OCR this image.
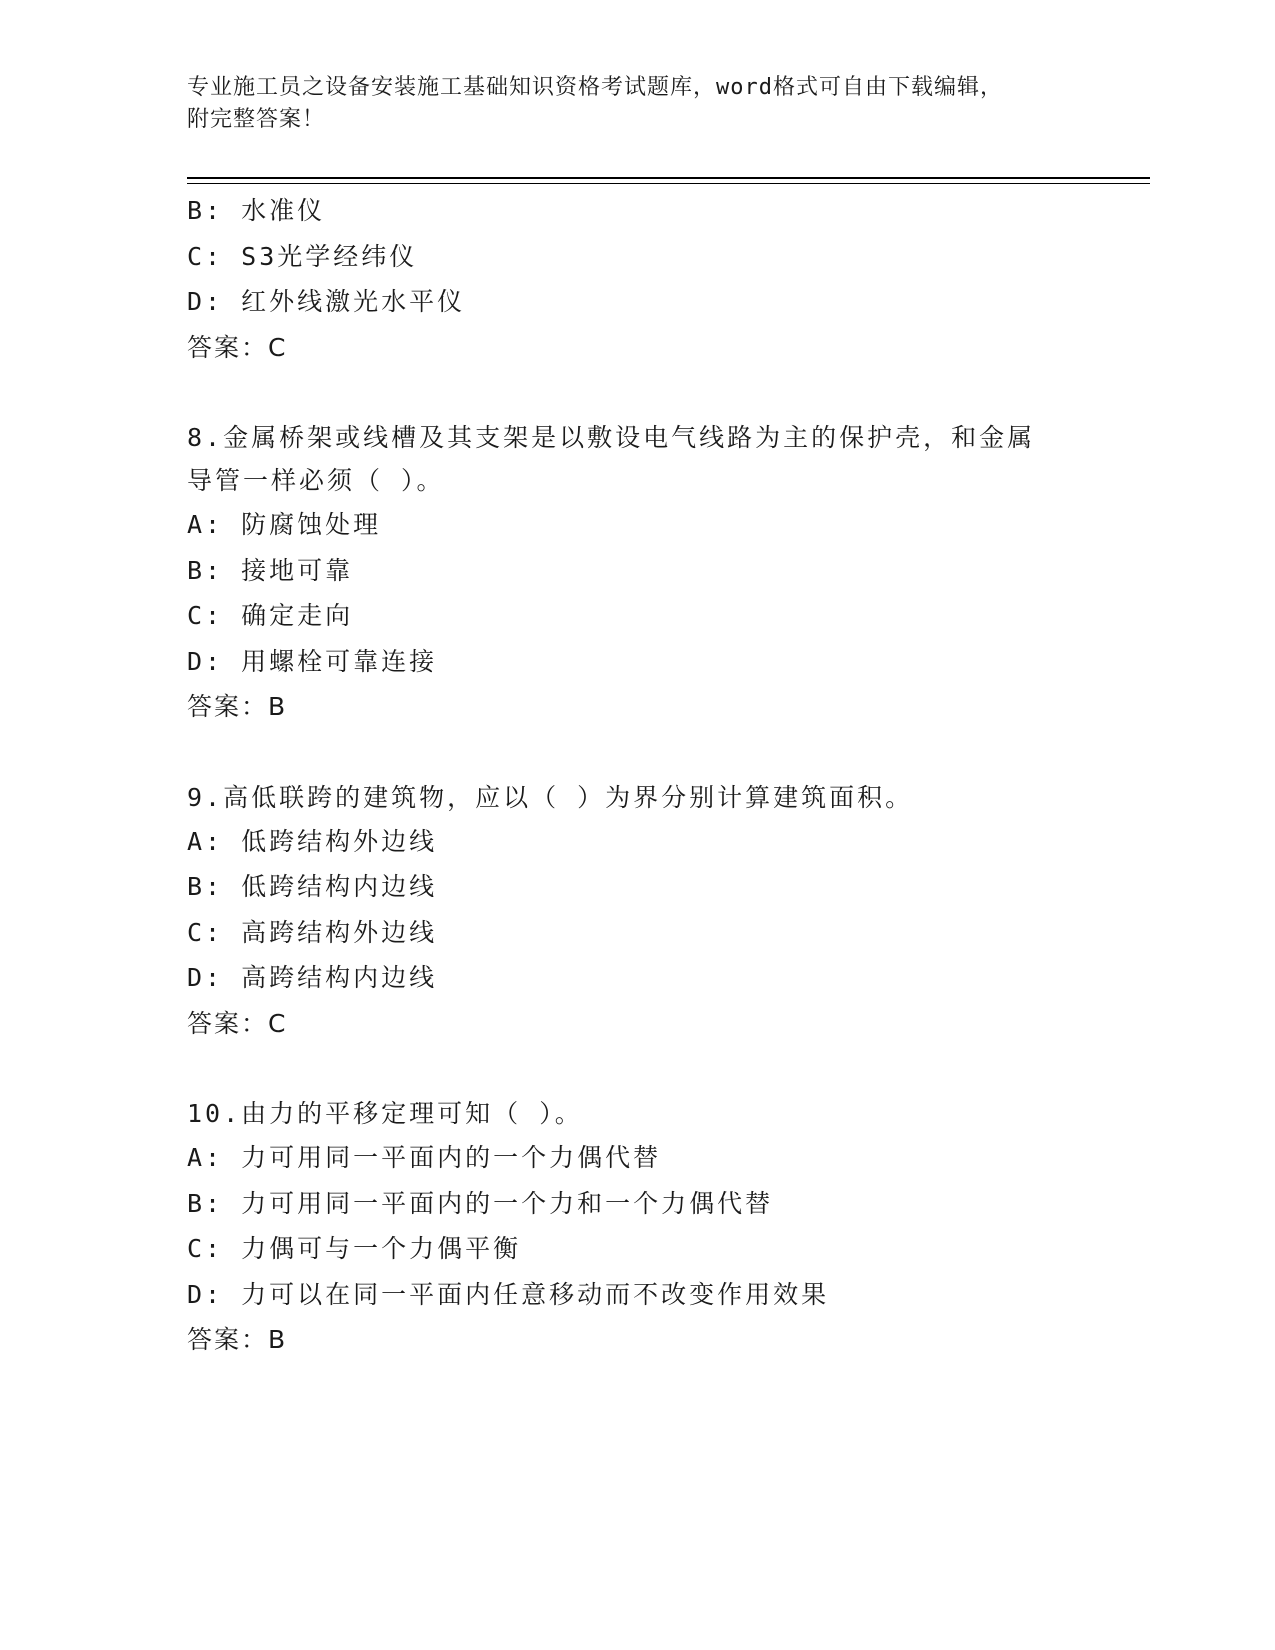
专业施工员之设备安装施工基础知识资格考试题库，word格式可自由下载编辑，
附完整答案！
B: 水准仪
C: S3光学经纬仪
D: 红外线激光水平仪
答案：C
8.金属桥架或线槽及其支架是以敷设电气线路为主的保护壳，和金属
导管一样必须（ ）。
A: 防腐蚀处理
B: 接地可靠
C: 确定走向
D: 用螺栓可靠连接
答案：B
9.高低联跨的建筑物，应以（ ）为界分别计算建筑面积。
A: 低跨结构外边线
B: 低跨结构内边线
C: 高跨结构外边线
D: 高跨结构内边线
答案：C
10.由力的平移定理可知（ ）。
A: 力可用同一平面内的一个力偶代替
B: 力可用同一平面内的一个力和一个力偶代替
C: 力偶可与一个力偶平衡
D: 力可以在同一平面内任意移动而不改变作用效果
答案：B
